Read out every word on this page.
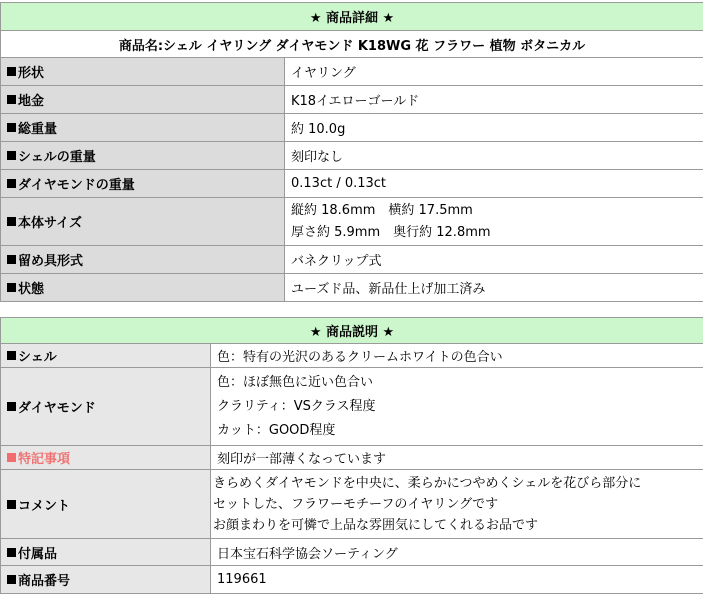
★ 商品詳細 ★	
商品名:シェル イヤリング ダイヤモンド K18WG 花 フラワー 植物 ボタニカル	
形状	イヤリング
地金	K18イエローゴールド
総重量	約 10.0g
シェルの重量	刻印なし
ダイヤモンドの重量	0.13ct / 0.13ct
本体サイズ	縦約 18.6mm　横約 17.5mm
厚さ約 5.9mm　奥行約 12.8mm

留め具形式	バネクリップ式
状態	ユーズド品、新品仕上げ加工済み
★ 商品説明 ★	
シェル	色：特有の光沢のあるクリームホワイトの色合い
ダイヤモンド	色：ほぼ無色に近い色合い
クラリティ：VSクラス程度
カット：GOOD程度

特記事項	刻印が一部薄くなっています
コメント	きらめくダイヤモンドを中央に、柔らかにつやめくシェルを花びら部分に
セットした、フラワーモチーフのイヤリングです
お顔まわりを可憐で上品な雰囲気にしてくれるお品です

付属品	日本宝石科学協会ソーティング
商品番号	119661
